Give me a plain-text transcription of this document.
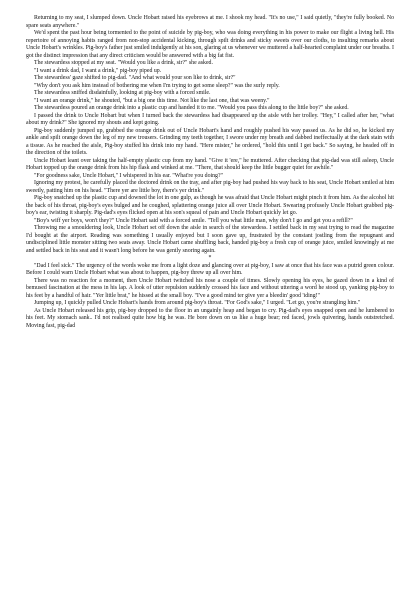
Returning to my seat, I slumped down. Uncle Hobart raised his eyebrows at me. I shook my head. "It's no use," I said quietly, "they're fully booked. No spare seats anywhere."

We'd spent the past hour being tormented to the point of suicide by pig-boy, who was doing everything in his power to make our flight a living hell. His repertoire of annoying habits ranged from non-stop accidental kicking, through spilt drinks and sticky sweets over our cloths, to insulting remarks about Uncle Hobart's wrinkles. Pig-boy's father just smiled indulgently at his son, glaring at us whenever we muttered a half-hearted complaint under our breaths. I got the distinct impression that any direct criticism would be answered with a big fat fist.

The stewardess stopped at my seat. "Would you like a drink, sir?" she asked.

"I want a drink dad, I want a drink," pig-boy piped up.

The stewardess' gaze shifted to pig-dad. "And what would your son like to drink, sir?"

"Why don't you ask him instead of bothering me when I'm trying to get some sleep?" was the surly reply.

The stewardess sniffed disdainfully, looking at pig-boy with a forced smile.

"I want an orange drink," he shouted, "but a big one this time. Not like the last one, that was weeny."

The stewardess poured an orange drink into a plastic cup and handed it to me. "Would you pass this along to the little boy?" she asked.

I passed the drink to Uncle Hobart but when I turned back the stewardess had disappeared up the aisle with her trolley. "Hey," I called after her, "what about my drink?" She ignored my shouts and kept going.

Pig-boy suddenly jumped up, grabbed the orange drink out of Uncle Hobart's hand and roughly pushed his way passed us. As he did so, he kicked my ankle and spilt orange down the leg of my new trousers. Grinding my teeth together, I swore under my breath and dabbed ineffectually at the dark stain with a tissue. As he reached the aisle, Pig-boy stuffed his drink into my hand. "Here mister," he ordered, "hold this until I get back." So saying, he headed off in the direction of the toilets.

Uncle Hobart leant over taking the half-empty plastic cup from my hand. "Give it 'ere," he muttered. After checking that pig-dad was still asleep, Uncle Hobart topped up the orange drink from his hip flask and winked at me. "There, that should keep the little bugger quiet for awhile."

"For goodness sake, Uncle Hobart," I whispered in his ear. "What're you doing?"

Ignoring my protest, he carefully placed the doctored drink on the tray, and after pig-boy had pushed his way back to his seat, Uncle Hobart smiled at him sweetly, patting him on his head. "There yer are little boy, there's yer drink."

Pig-boy snatched up the plastic cup and downed the lot in one gulp, as though he was afraid that Uncle Hobart might pinch it from him. As the alcohol hit the back of his throat, pig-boy's eyes bulged and he coughed, splattering orange juice all over Uncle Hobart. Swearing profusely Uncle Hobart grabbed pig-boy's ear, twisting it sharply. Pig-dad's eyes flicked open at his son's squeal of pain and Uncle Hobart quickly let go.

"Boy's wiff yer boys, won't they?" Uncle Hobart said with a forced smile. "Tell you what little man, why don't I go and get you a refill?"

Throwing me a smouldering look, Uncle Hobart set off down the aisle in search of the stewardess. I settled back in my seat trying to read the magazine I'd bought at the airport. Reading was something I usually enjoyed but I soon gave up, frustrated by the constant jostling from the repugnant and undisciplined little monster sitting two seats away. Uncle Hobart came shuffling back, handed pig-boy a fresh cup of orange juice, smiled knowingly at me and settled back in his seat and it wasn't long before he was gently snoring again.

*

"Dad I feel sick." The urgency of the words woke me from a light doze and glancing over at pig-boy, I saw at once that his face was a putrid green colour. Before I could warn Uncle Hobart what was about to happen, pig-boy threw up all over him.

There was no reaction for a moment, then Uncle Hobart twitched his nose a couple of times. Slowly opening his eyes, he gazed down in a kind of bemused fascination at the mess in his lap. A look of utter repulsion suddenly crossed his face and without uttering a word he stood up, yanking pig-boy to his feet by a handful of hair. "Yer little brat," he hissed at the small boy. "I've a good mind ter give yer a bleedin' good 'iding!"

Jumping up, I quickly pulled Uncle Hobart's hands from around pig-boy's throat. "For God's sake," I urged. "Let go, you're strangling him."

As Uncle Hobart released his grip, pig-boy dropped to the floor in an ungainly heap and began to cry. Pig-dad's eyes snapped open and he lumbered to his feet. My stomach sank.. I'd not realised quite how big he was. He bore down on us like a huge bear; red faced, jowls quivering, hands outstretched. Moving fast, pig-dad
